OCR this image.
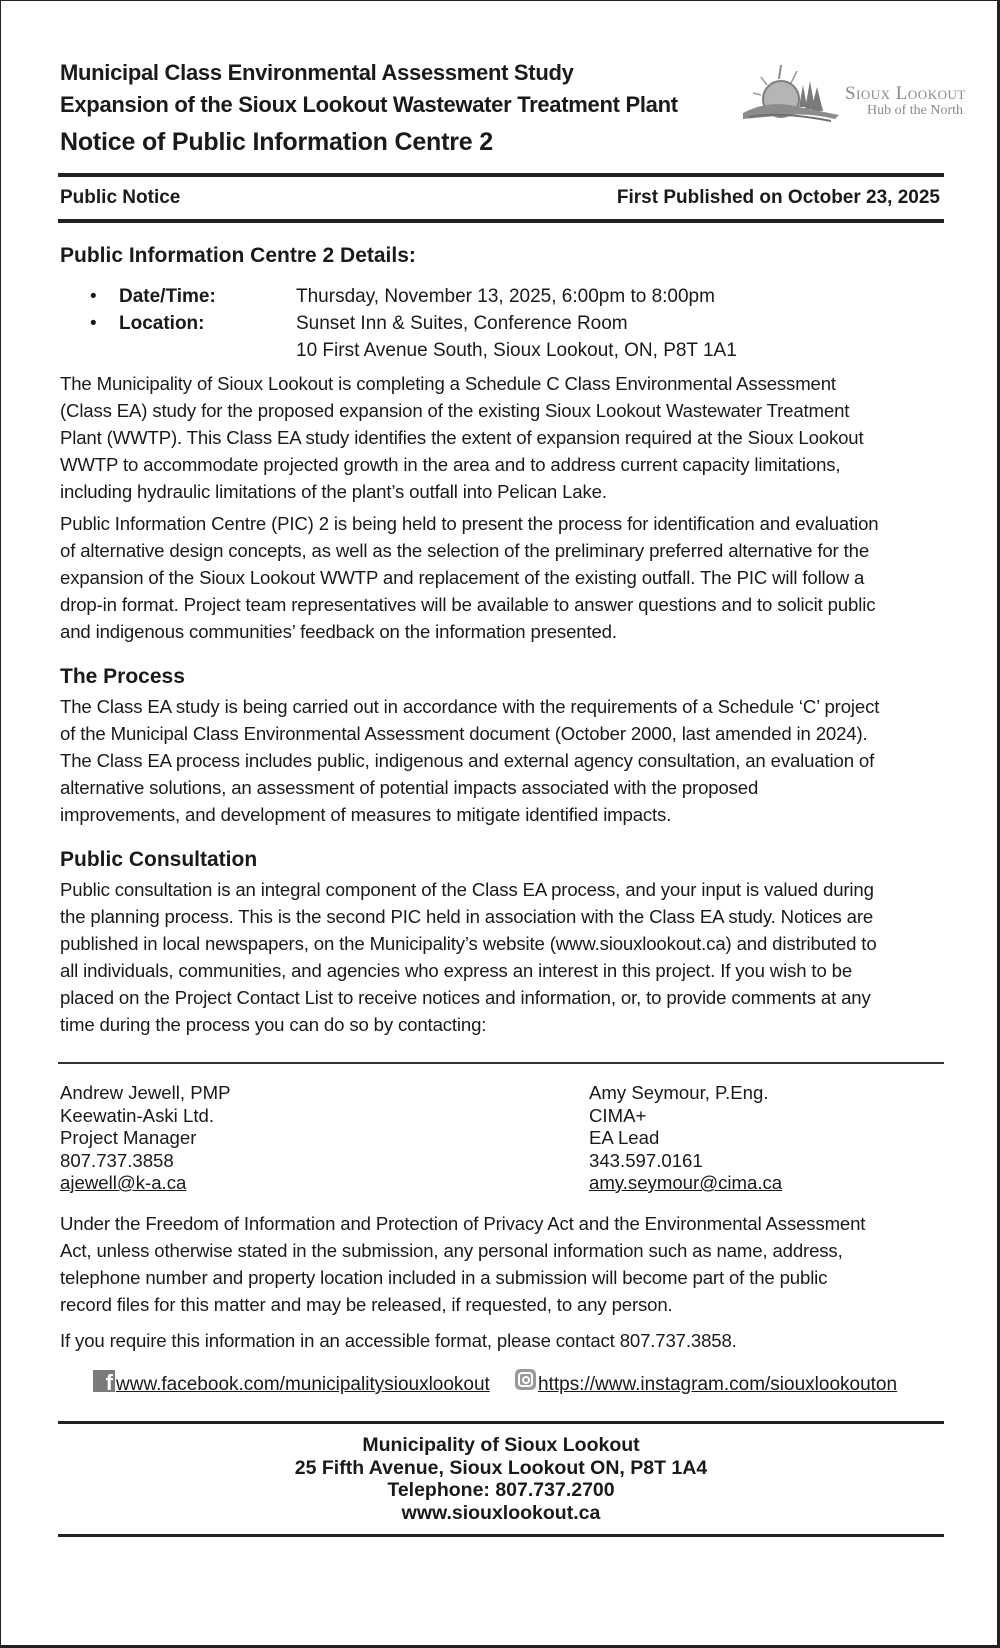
Municipal Class Environmental Assessment Study
Expansion of the Sioux Lookout Wastewater Treatment Plant
Notice of Public Information Centre 2
Sioux Lookout
Hub of the North
Public Notice	First Published on October 23, 2025
Public Information Centre 2 Details:
• Date/Time:	Thursday, November 13, 2025, 6:00pm to 8:00pm
• Location:	Sunset Inn & Suites, Conference Room
10 First Avenue South, Sioux Lookout, ON, P8T 1A1
The Municipality of Sioux Lookout is completing a Schedule C Class Environmental Assessment
(Class EA) study for the proposed expansion of the existing Sioux Lookout Wastewater Treatment
Plant (WWTP). This Class EA study identifies the extent of expansion required at the Sioux Lookout
WWTP to accommodate projected growth in the area and to address current capacity limitations,
including hydraulic limitations of the plant’s outfall into Pelican Lake.
Public Information Centre (PIC) 2 is being held to present the process for identification and evaluation
of alternative design concepts, as well as the selection of the preliminary preferred alternative for the
expansion of the Sioux Lookout WWTP and replacement of the existing outfall. The PIC will follow a
drop-in format. Project team representatives will be available to answer questions and to solicit public
and indigenous communities’ feedback on the information presented.
The Process
The Class EA study is being carried out in accordance with the requirements of a Schedule ‘C’ project
of the Municipal Class Environmental Assessment document (October 2000, last amended in 2024).
The Class EA process includes public, indigenous and external agency consultation, an evaluation of
alternative solutions, an assessment of potential impacts associated with the proposed
improvements, and development of measures to mitigate identified impacts.
Public Consultation
Public consultation is an integral component of the Class EA process, and your input is valued during
the planning process. This is the second PIC held in association with the Class EA study. Notices are
published in local newspapers, on the Municipality’s website (www.siouxlookout.ca) and distributed to
all individuals, communities, and agencies who express an interest in this project. If you wish to be
placed on the Project Contact List to receive notices and information, or, to provide comments at any
time during the process you can do so by contacting:
Andrew Jewell, PMP
Keewatin-Aski Ltd.
Project Manager
807.737.3858
ajewell@k-a.ca
Amy Seymour, P.Eng.
CIMA+
EA Lead
343.597.0161
amy.seymour@cima.ca
Under the Freedom of Information and Protection of Privacy Act and the Environmental Assessment
Act, unless otherwise stated in the submission, any personal information such as name, address,
telephone number and property location included in a submission will become part of the public
record files for this matter and may be released, if requested, to any person.
If you require this information in an accessible format, please contact 807.737.3858.
f www.facebook.com/municipalitysiouxlookout	https://www.instagram.com/siouxlookouton
Municipality of Sioux Lookout
25 Fifth Avenue, Sioux Lookout ON, P8T 1A4
Telephone: 807.737.2700
www.siouxlookout.ca
